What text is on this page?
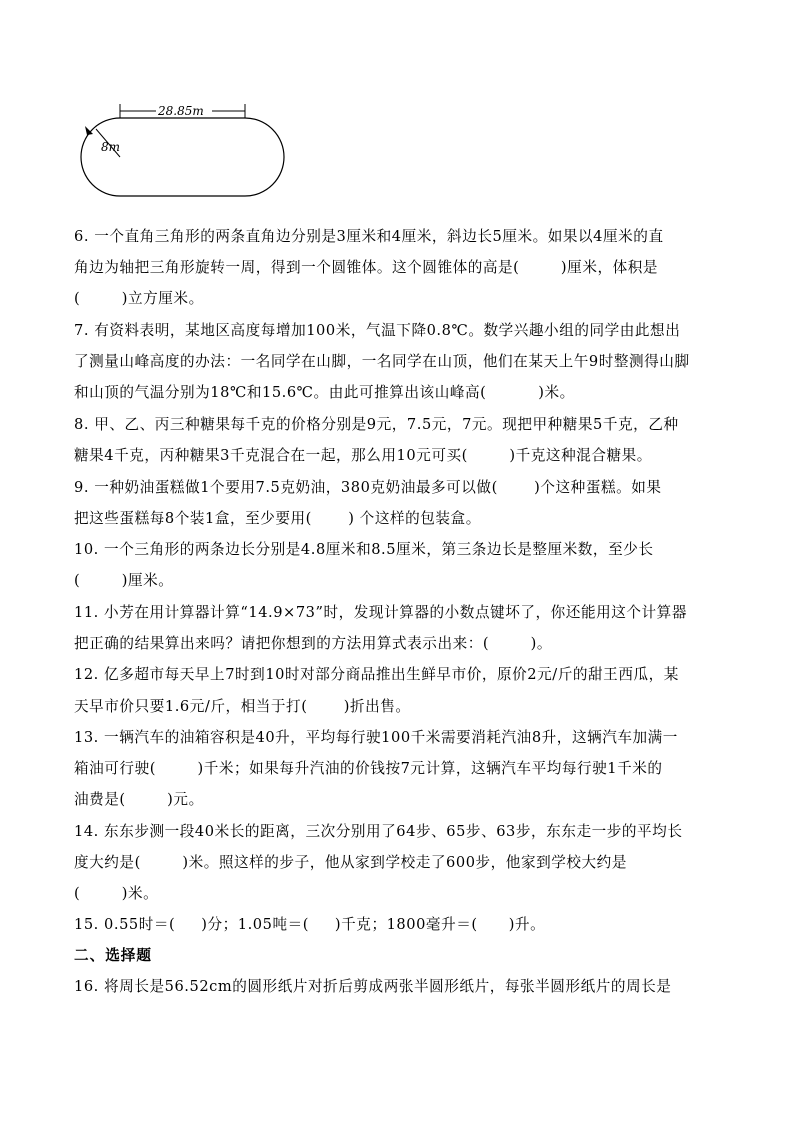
28.85m
8m
6. 一个直角三角形的两条直角边分别是3厘米和4厘米，斜边长5厘米。如果以4厘米的直
角边为轴把三角形旋转一周，得到一个圆锥体。这个圆锥体的高是(        )厘米，体积是
(        )立方厘米。
7. 有资料表明，某地区高度每增加100米，气温下降0.8℃。数学兴趣小组的同学由此想出
了测量山峰高度的办法：一名同学在山脚，一名同学在山顶，他们在某天上午9时整测得山脚
和山顶的气温分别为18℃和15.6℃。由此可推算出该山峰高(          )米。
8. 甲、乙、丙三种糖果每千克的价格分别是9元，7.5元，7元。现把甲种糖果5千克，乙种
糖果4千克，丙种糖果3千克混合在一起，那么用10元可买(        )千克这种混合糖果。
9. 一种奶油蛋糕做1个要用7.5克奶油，380克奶油最多可以做(       )个这种蛋糕。如果
把这些蛋糕每8个装1盒，至少要用(       ) 个这样的包装盒。
10. 一个三角形的两条边长分别是4.8厘米和8.5厘米，第三条边长是整厘米数，至少长
(        )厘米。
11. 小芳在用计算器计算“14.9×73”时，发现计算器的小数点键坏了，你还能用这个计算器
把正确的结果算出来吗？请把你想到的方法用算式表示出来：(        )。
12. 亿多超市每天早上7时到10时对部分商品推出生鲜早市价，原价2元/斤的甜王西瓜，某
天早市价只要1.6元/斤，相当于打(       )折出售。
13. 一辆汽车的油箱容积是40升，平均每行驶100千米需要消耗汽油8升，这辆汽车加满一
箱油可行驶(        )千米；如果每升汽油的价钱按7元计算，这辆汽车平均每行驶1千米的
油费是(        )元。
14. 东东步测一段40米长的距离，三次分别用了64步、65步、63步，东东走一步的平均长
度大约是(        )米。照这样的步子，他从家到学校走了600步，他家到学校大约是
(        )米。
15. 0.55时＝(     )分；1.05吨＝(     )千克；1800毫升＝(      )升。
二、选择题
16. 将周长是56.52cm的圆形纸片对折后剪成两张半圆形纸片，每张半圆形纸片的周长是
